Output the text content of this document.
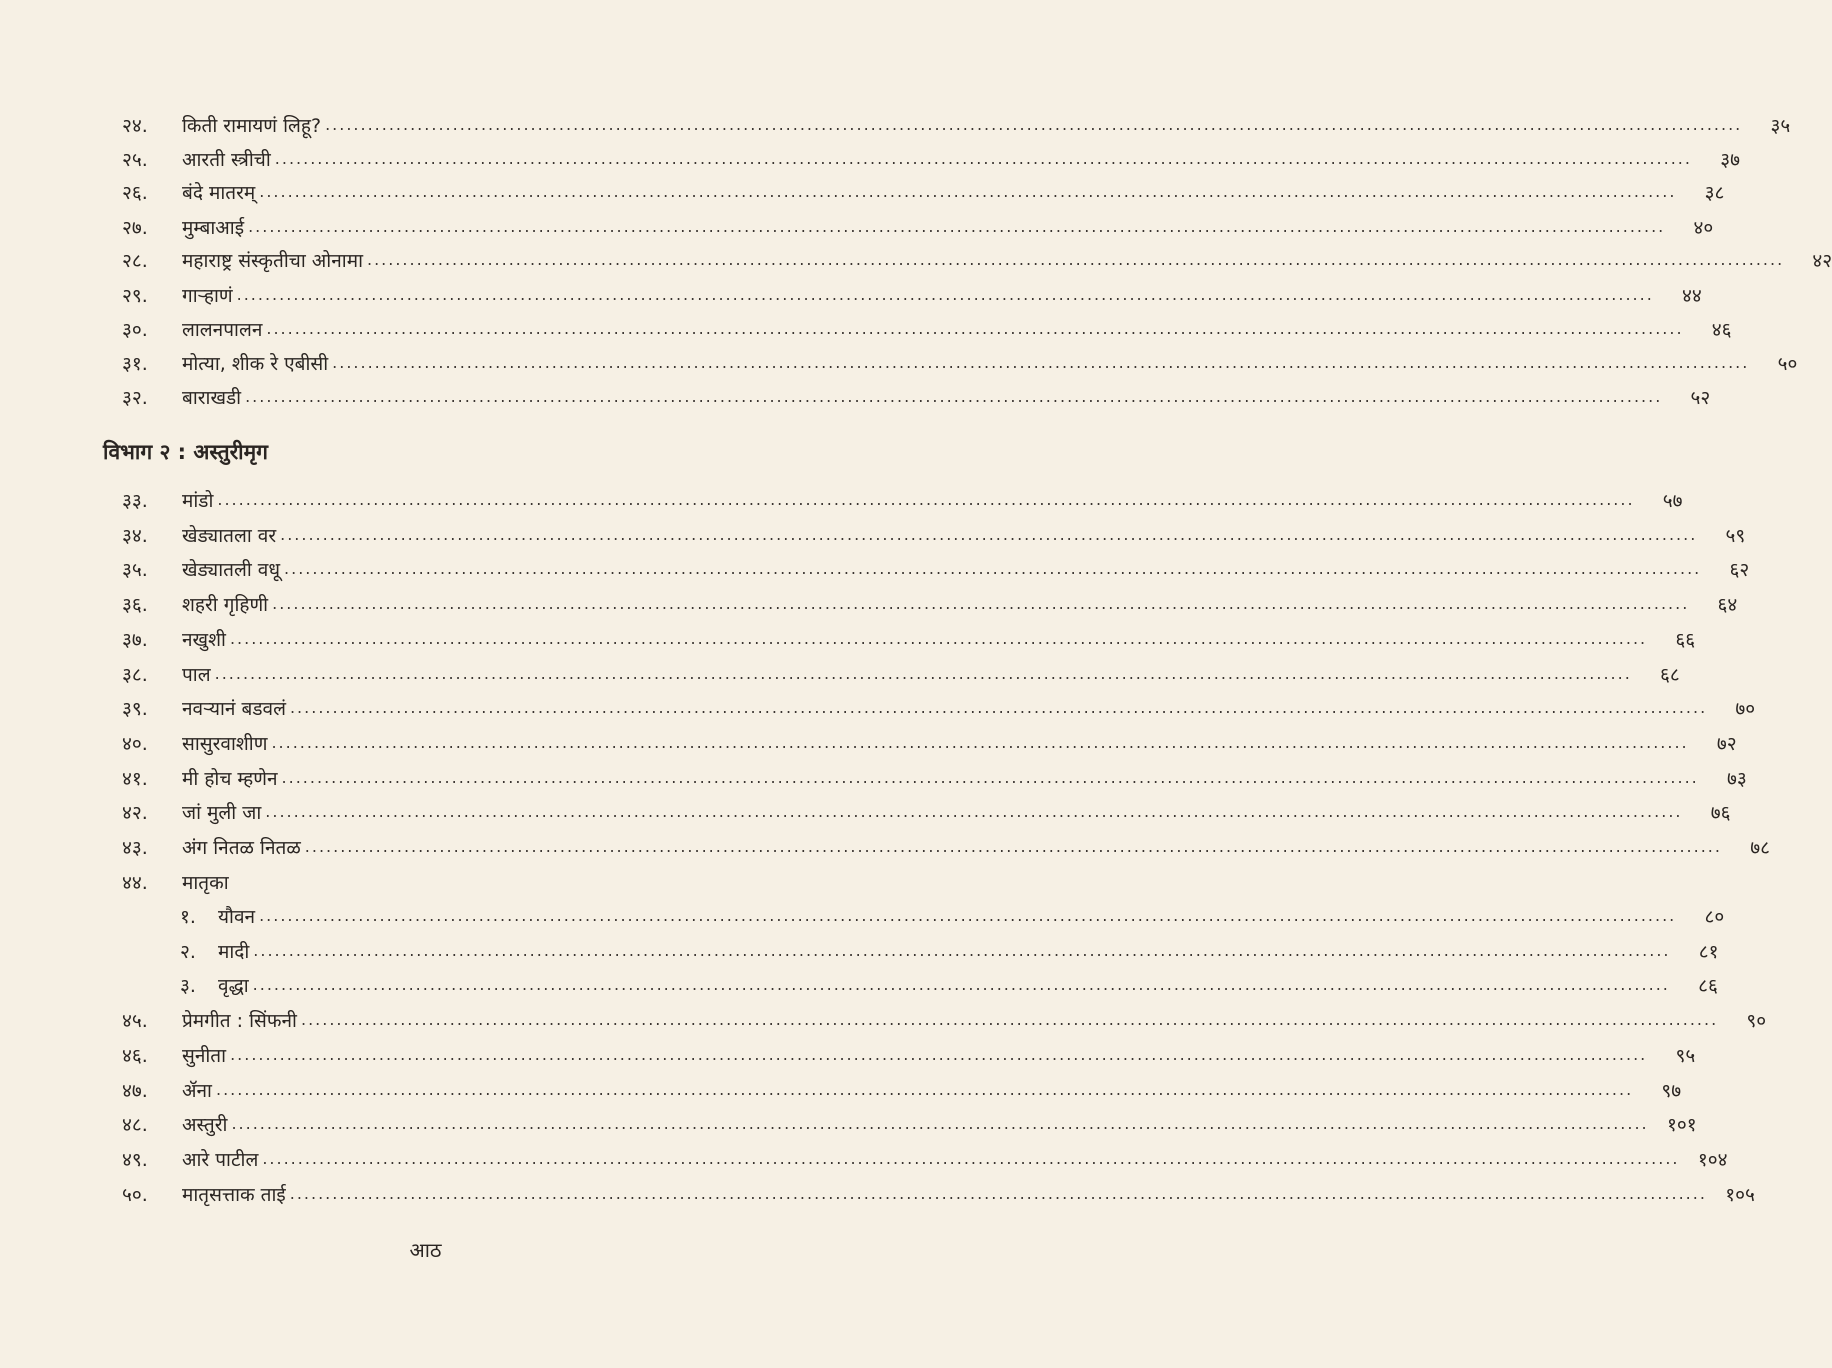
२४.	किती रामायणं लिहू? ........................................................................................................................................................................................................	३५
२५.	आरती स्त्रीची ........................................................................................................................................................................................................	३७
२६.	बंदे मातरम् ........................................................................................................................................................................................................	३८
२७.	मुम्बाआई ........................................................................................................................................................................................................	४०
२८.	महाराष्ट्र संस्कृतीचा ओनामा ........................................................................................................................................................................................................	४२
२९.	गाऱ्हाणं ........................................................................................................................................................................................................	४४
३०.	लालनपालन ........................................................................................................................................................................................................	४६
३१.	मोत्या, शीक रे एबीसी ........................................................................................................................................................................................................	५०
३२.	बाराखडी ........................................................................................................................................................................................................	५२
३३.	मांडो ........................................................................................................................................................................................................	५७
३४.	खेड्यातला वर ........................................................................................................................................................................................................	५९
३५.	खेड्यातली वधू ........................................................................................................................................................................................................	६२
३६.	शहरी गृहिणी ........................................................................................................................................................................................................	६४
३७.	नखुशी ........................................................................................................................................................................................................	६६
३८.	पाल ........................................................................................................................................................................................................	६८
३९.	नवऱ्यानं बडवलं ........................................................................................................................................................................................................	७०
४०.	सासुरवाशीण ........................................................................................................................................................................................................	७२
४१.	मी होच म्हणेन ........................................................................................................................................................................................................	७३
४२.	जां मुली जा ........................................................................................................................................................................................................	७६
४३.	अंग नितळ नितळ ........................................................................................................................................................................................................	७८
४४.	मातृका
१.	यौवन ........................................................................................................................................................................................................	८०
२.	मादी ........................................................................................................................................................................................................	८१
३.	वृद्धा ........................................................................................................................................................................................................	८६
४५.	प्रेमगीत : सिंफनी ........................................................................................................................................................................................................	९०
४६.	सुनीता ........................................................................................................................................................................................................	९५
४७.	ॲना ........................................................................................................................................................................................................	९७
४८.	अस्तुरी ........................................................................................................................................................................................................ १०१
४९.	आरे पाटील ........................................................................................................................................................................................................ १०४
५०.	मातृसत्ताक ताई ........................................................................................................................................................................................................ १०५
विभाग २ : अस्तुरीमृग
आठ
